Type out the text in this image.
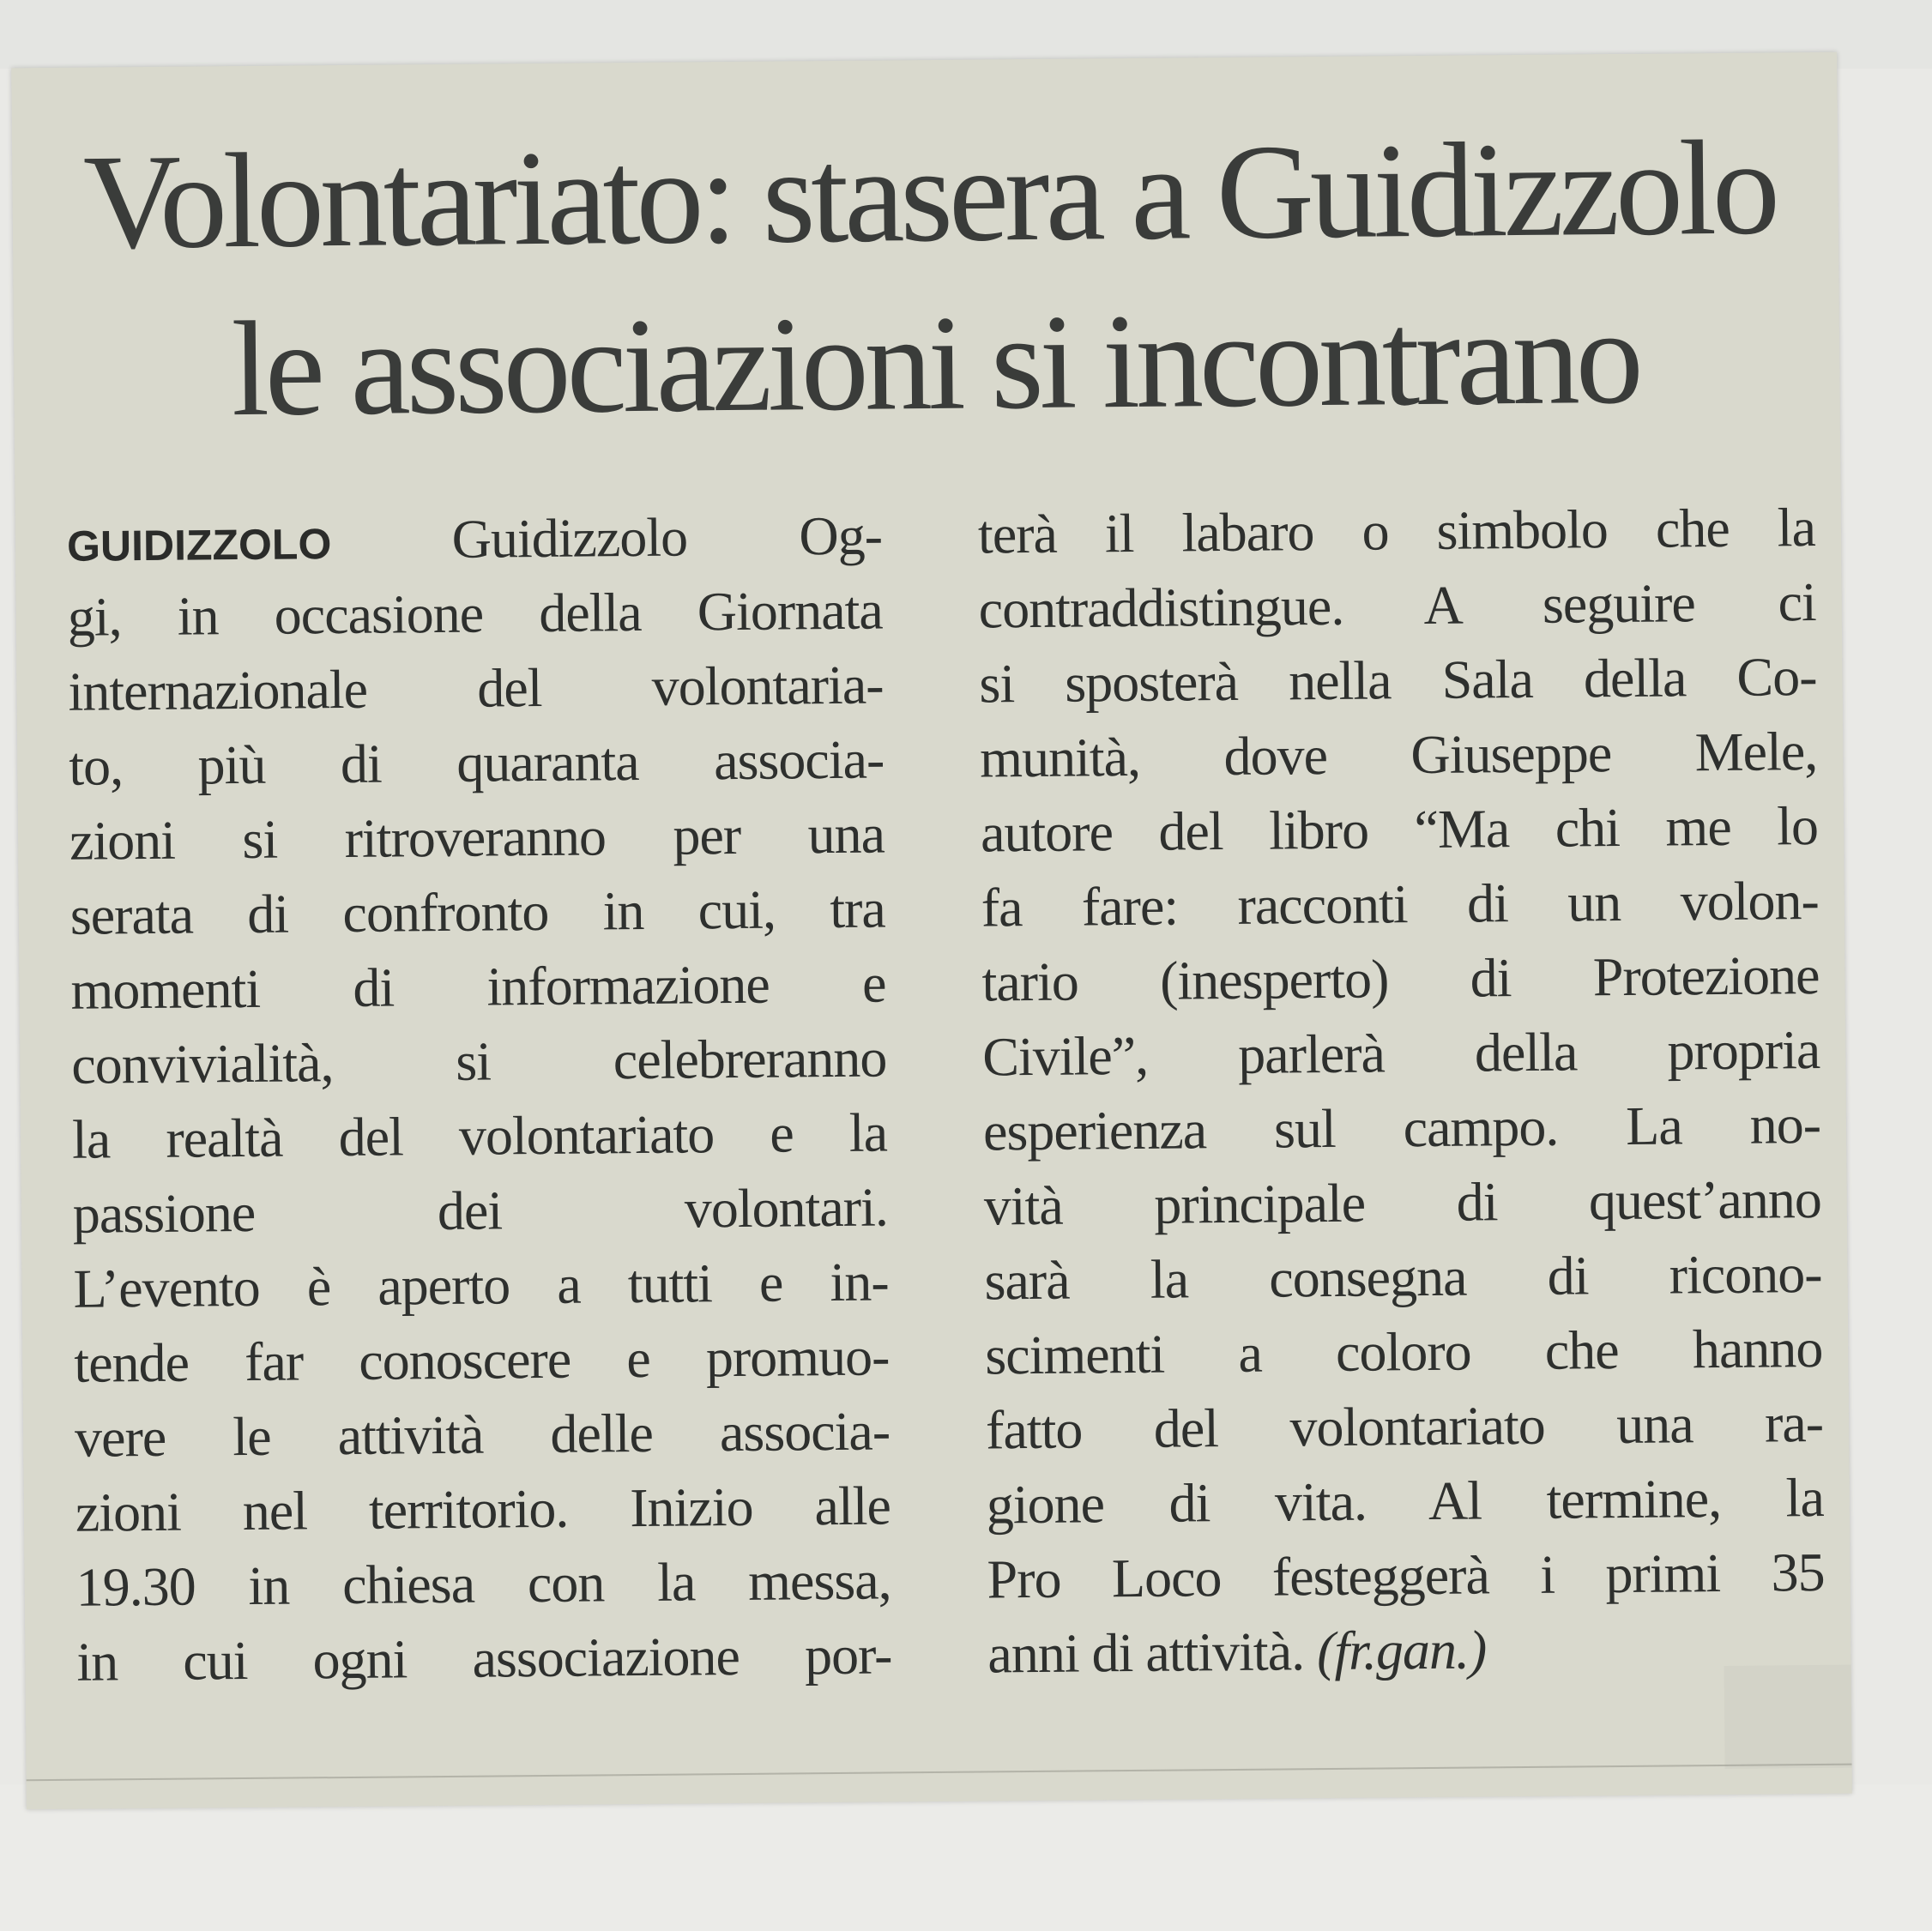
Volontariato: stasera a Guidizzolo
le associazioni si incontrano
GUIDIZZOLO Guidizzolo Og-
gi, in occasione della Giornata
internazionale del volontaria-
to, più di quaranta associa-
zioni si ritroveranno per una
serata di confronto in cui, tra
momenti di informazione e
convivialità, si celebreranno
la realtà del volontariato e la
passione dei volontari.
L’evento è aperto a tutti e in-
tende far conoscere e promuo-
vere le attività delle associa-
zioni nel territorio. Inizio alle
19.30 in chiesa con la messa,
in cui ogni associazione por-
terà il labaro o simbolo che la
contraddistingue. A seguire ci
si sposterà nella Sala della Co-
munità, dove Giuseppe Mele,
autore del libro “Ma chi me lo
fa fare: racconti di un volon-
tario (inesperto) di Protezione
Civile”, parlerà della propria
esperienza sul campo. La no-
vità principale di quest’anno
sarà la consegna di ricono-
scimenti a coloro che hanno
fatto del volontariato una ra-
gione di vita. Al termine, la
Pro Loco festeggerà i primi 35
anni di attività. (fr.gan.)
